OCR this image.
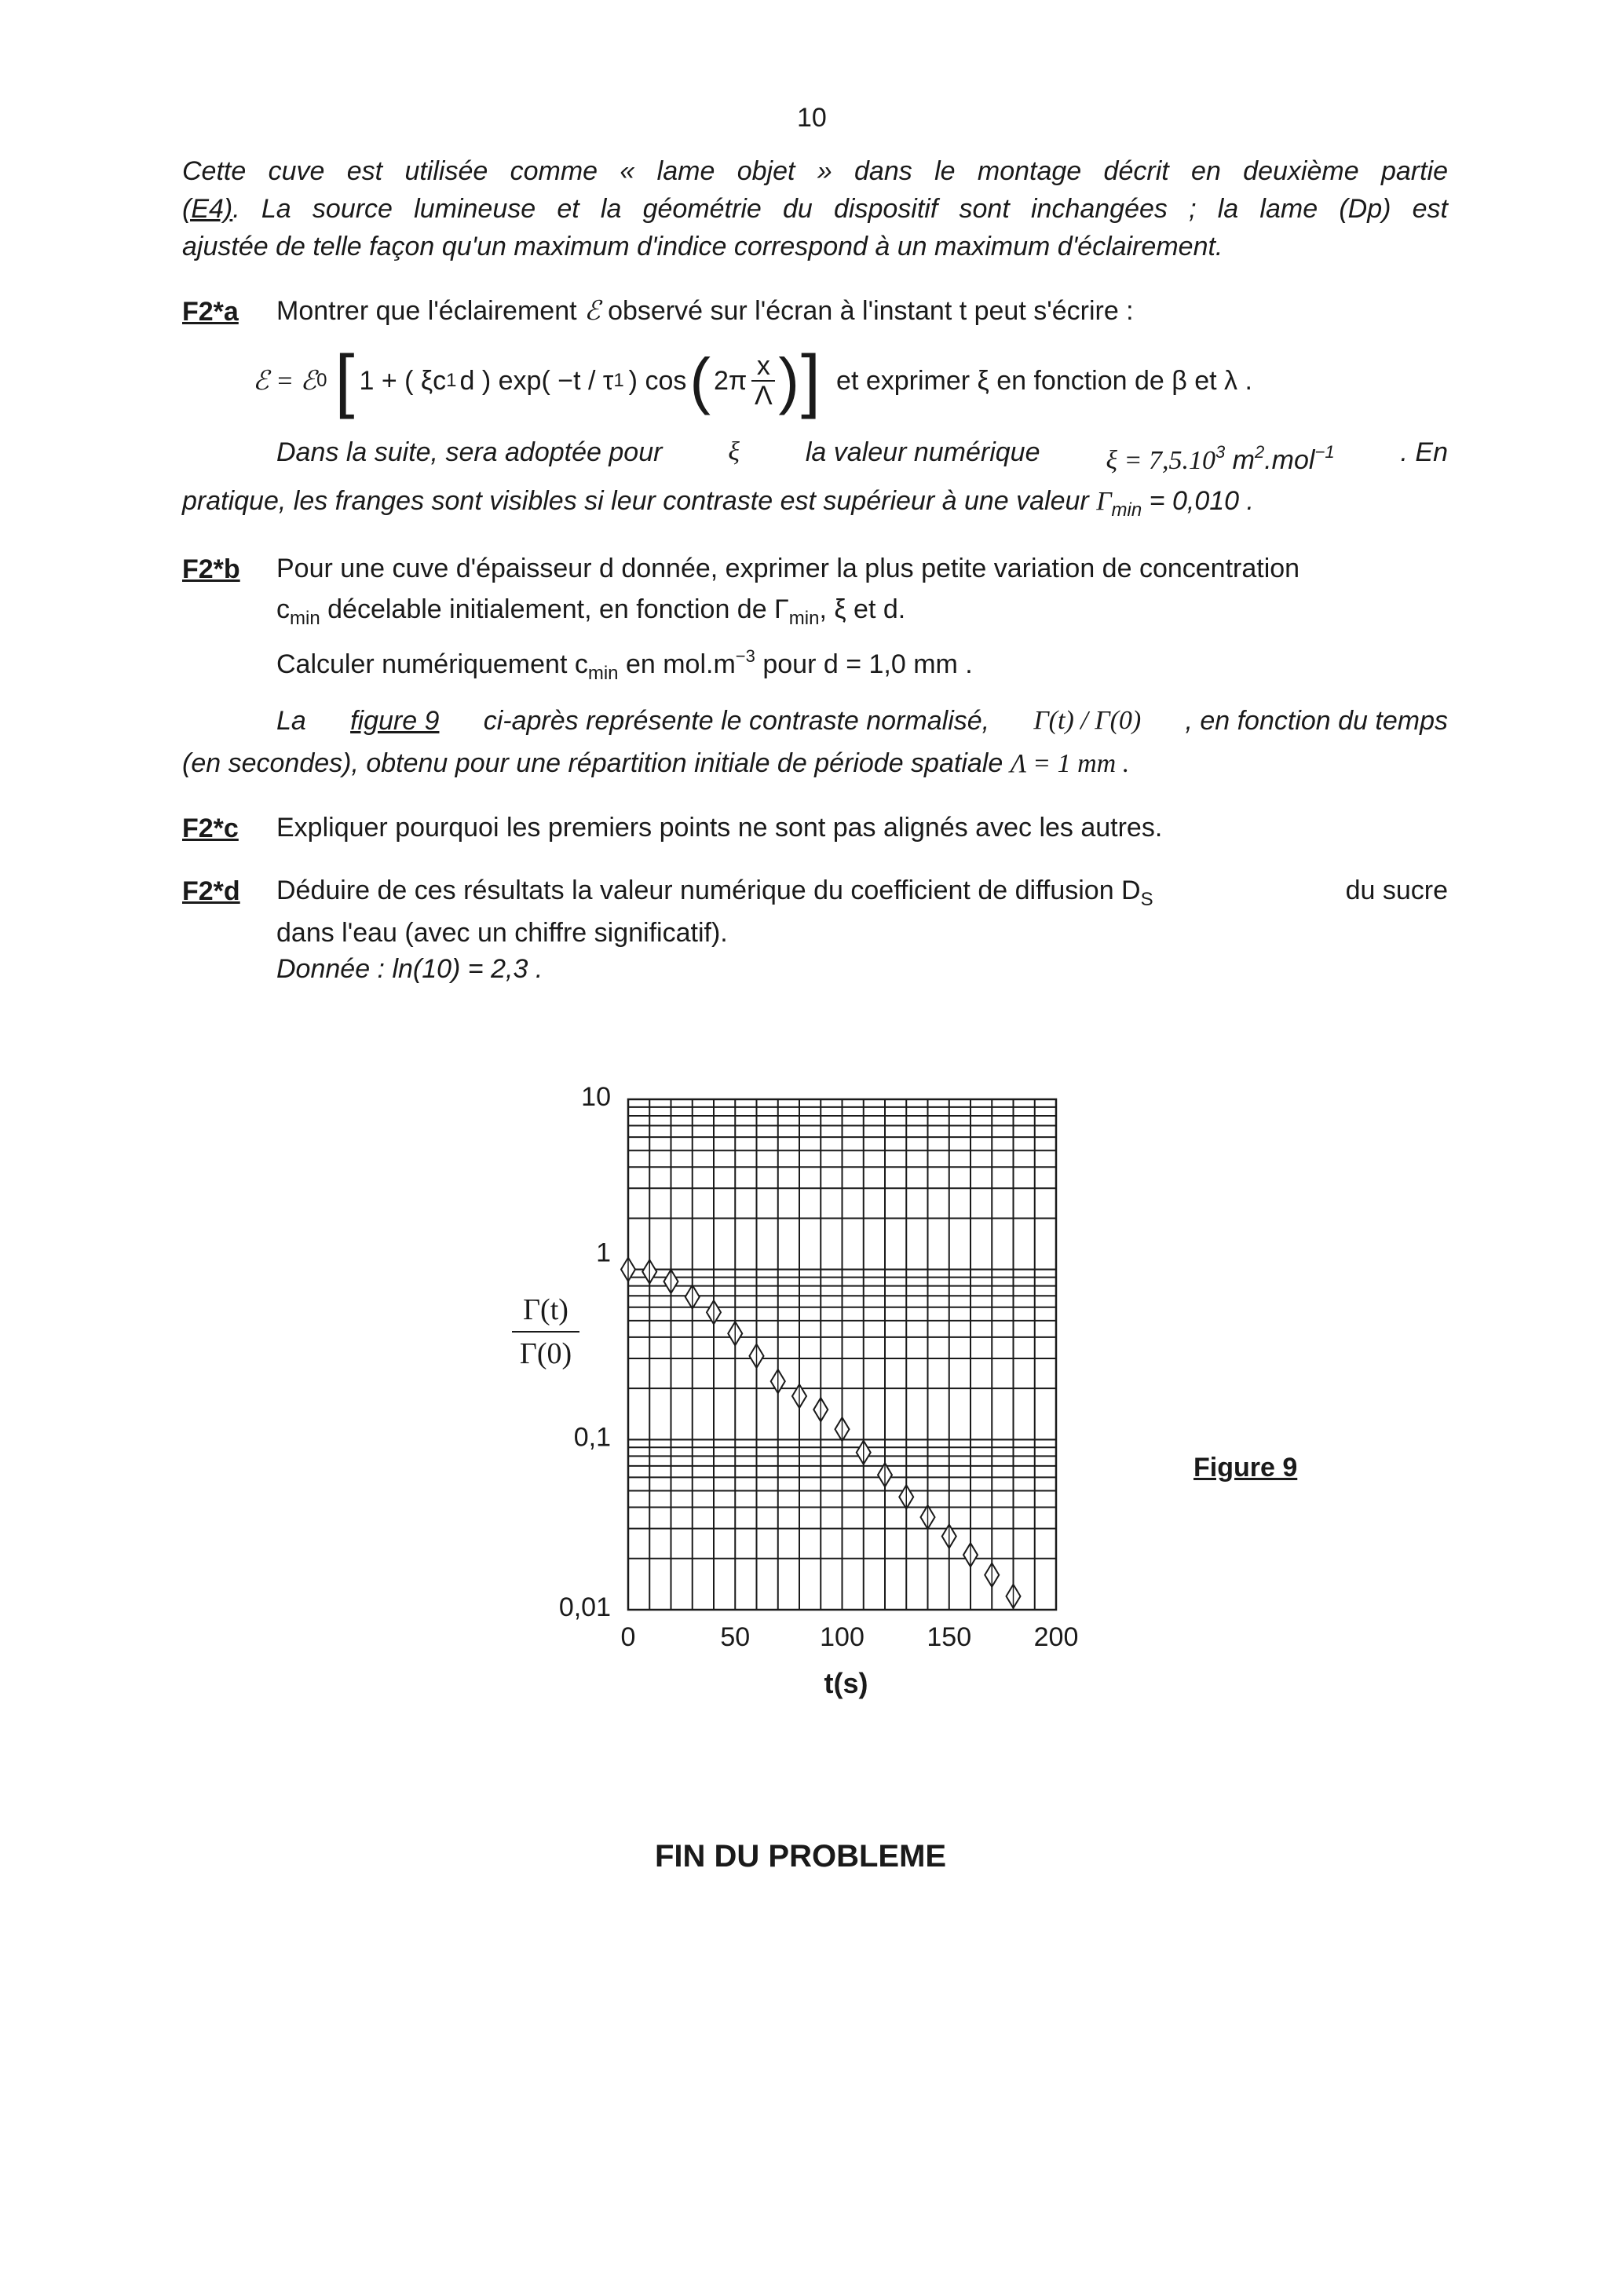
10
Cette cuve est utilisée comme « lame objet » dans le montage décrit en deuxième partie
(E4). La source lumineuse et la géométrie du dispositif sont inchangées ; la lame (Dp) est
ajustée de telle façon qu'un maximum d'indice correspond à un maximum d'éclairement.
F2*a Montrer que l'éclairement ℰ observé sur l'écran à l'instant t peut s'écrire :
ℰ = ℰ 0 [ 1 + ( ξc 1 d ) exp( −t / τ 1 ) cos ( 2π x
Λ ) ] et exprimer ξ en fonction de β et λ .
Dans la suite, sera adoptée pour ξ la valeur numérique $\xi = 7,5.10^3$ $m^2.mol^{-1}$ . En
pratique, les franges sont visibles si leur contraste est supérieur à une valeur $\Gamma_{min} = 0,010$ .
F2*b Pour une cuve d'épaisseur d donnée, exprimer la plus petite variation de concentration
$c_{min}$ décelable initialement, en fonction de $\Gamma_{min}$, ξ et d.
Calculer numériquement $c_{min}$ en $mol.m^{-3}$ pour d = 1,0 mm .
La figure 9 ci-après représente le contraste normalisé, Γ(t) / Γ(0) , en fonction du temps
(en secondes), obtenu pour une répartition initiale de période spatiale Λ = 1 mm .
F2*c Expliquer pourquoi les premiers points ne sont pas alignés avec les autres.
F2*d Déduire de ces résultats la valeur numérique du coefficient de diffusion $D_S$	du sucre
dans l'eau (avec un chiffre significatif).
Donnée : ln(10) = 2,3 .
10
1
0,1
0,01
0	50	100 150 200
t(s)
Γ(t)
Γ(0)
Figure 9
FIN DU PROBLEME
